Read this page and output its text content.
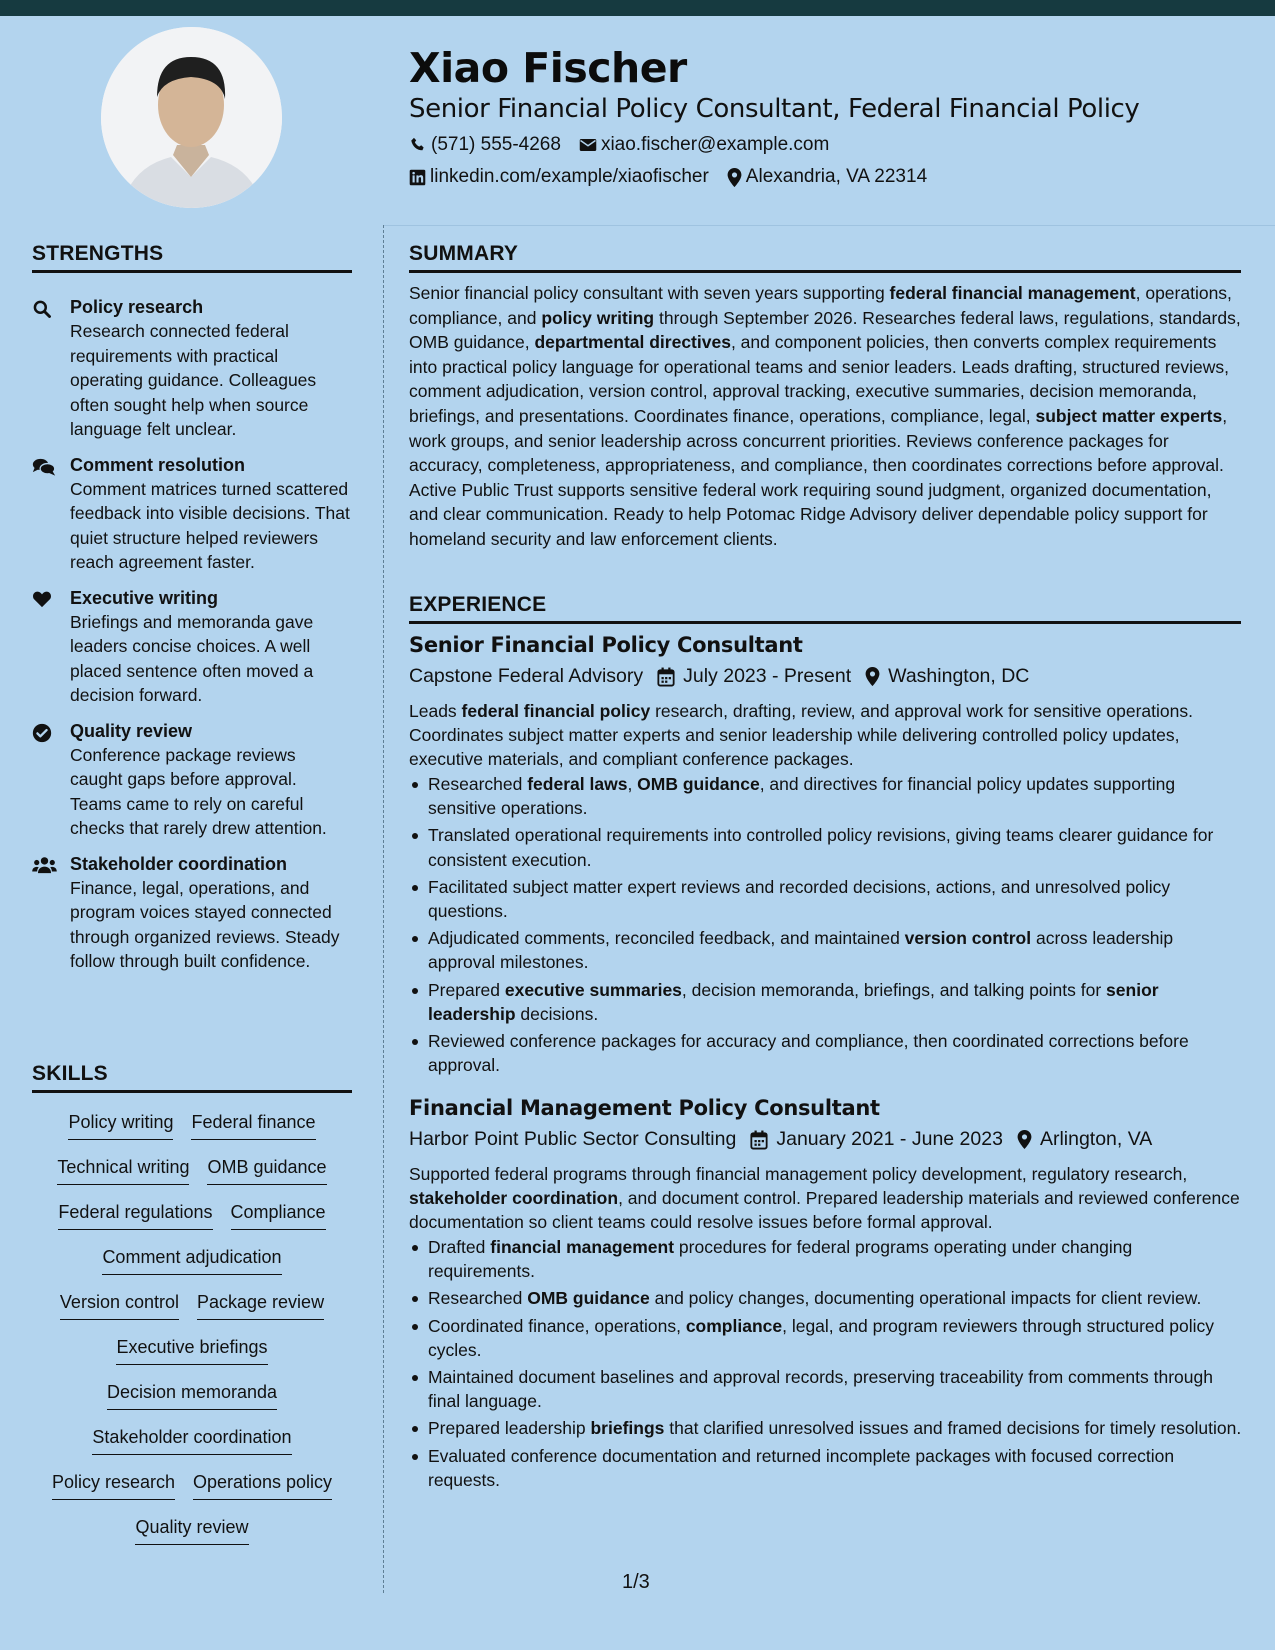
Xiao Fischer
Senior Financial Policy Consultant, Federal Financial Policy
(571) 555-4268 xiao.fischer@example.com
linkedin.com/example/xiaofischer Alexandria, VA 22314
STRENGTHS
Policy research
Research connected federal requirements with practical operating guidance. Colleagues often sought help when source language felt unclear.
Comment resolution
Comment matrices turned scattered feedback into visible decisions. That quiet structure helped reviewers reach agreement faster.
Executive writing
Briefings and memoranda gave leaders concise choices. A well placed sentence often moved a decision forward.
Quality review
Conference package reviews caught gaps before approval. Teams came to rely on careful checks that rarely drew attention.
Stakeholder coordination
Finance, legal, operations, and program voices stayed connected through organized reviews. Steady follow through built confidence.
SKILLS
Policy writing Federal finance
Technical writing OMB guidance
Federal regulations Compliance
Comment adjudication
Version control Package review
Executive briefings
Decision memoranda
Stakeholder coordination
Policy research Operations policy
Quality review
SUMMARY
Senior financial policy consultant with seven years supporting federal financial management, operations, compliance, and policy writing through September 2026. Researches federal laws, regulations, standards, OMB guidance, departmental directives, and component policies, then converts complex requirements into practical policy language for operational teams and senior leaders. Leads drafting, structured reviews, comment adjudication, version control, approval tracking, executive summaries, decision memoranda, briefings, and presentations. Coordinates finance, operations, compliance, legal, subject matter experts, work groups, and senior leadership across concurrent priorities. Reviews conference packages for accuracy, completeness, appropriateness, and compliance, then coordinates corrections before approval. Active Public Trust supports sensitive federal work requiring sound judgment, organized documentation, and clear communication. Ready to help Potomac Ridge Advisory deliver dependable policy support for homeland security and law enforcement clients.
EXPERIENCE
Senior Financial Policy Consultant
Capstone Federal Advisory July 2023 - Present Washington, DC
Leads federal financial policy research, drafting, review, and approval work for sensitive operations. Coordinates subject matter experts and senior leadership while delivering controlled policy updates, executive materials, and compliant conference packages.
Researched federal laws, OMB guidance, and directives for financial policy updates supporting sensitive operations.
Translated operational requirements into controlled policy revisions, giving teams clearer guidance for consistent execution.
Facilitated subject matter expert reviews and recorded decisions, actions, and unresolved policy questions.
Adjudicated comments, reconciled feedback, and maintained version control across leadership approval milestones.
Prepared executive summaries, decision memoranda, briefings, and talking points for senior leadership decisions.
Reviewed conference packages for accuracy and compliance, then coordinated corrections before approval.
Financial Management Policy Consultant
Harbor Point Public Sector Consulting January 2021 - June 2023 Arlington, VA
Supported federal programs through financial management policy development, regulatory research, stakeholder coordination, and document control. Prepared leadership materials and reviewed conference documentation so client teams could resolve issues before formal approval.
Drafted financial management procedures for federal programs operating under changing requirements.
Researched OMB guidance and policy changes, documenting operational impacts for client review.
Coordinated finance, operations, compliance, legal, and program reviewers through structured policy cycles.
Maintained document baselines and approval records, preserving traceability from comments through final language.
Prepared leadership briefings that clarified unresolved issues and framed decisions for timely resolution.
Evaluated conference documentation and returned incomplete packages with focused correction requests.
1/3
